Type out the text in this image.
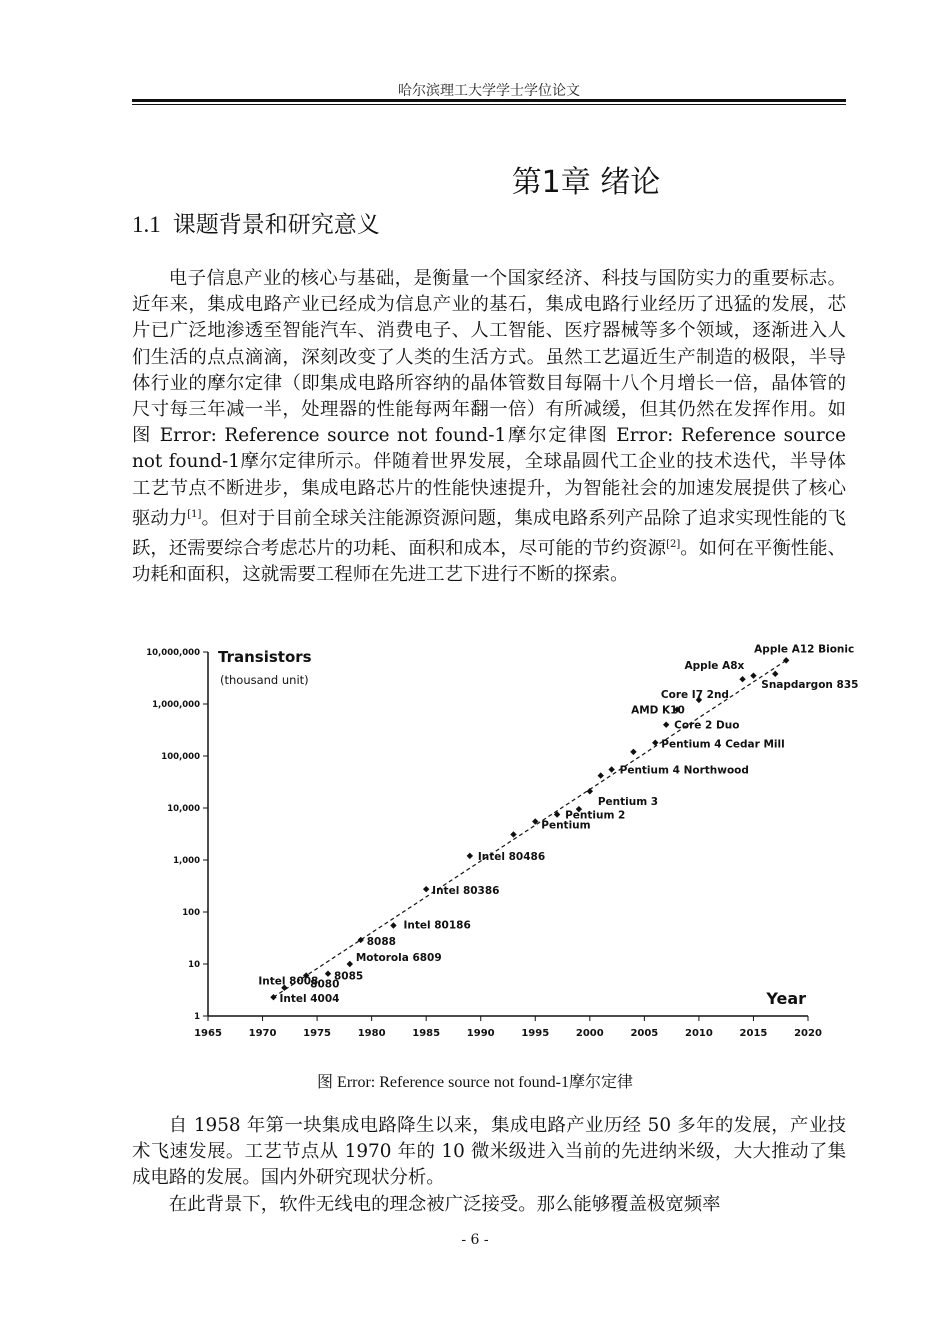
哈尔滨理工大学学士学位论文
第1章 绪论
1.1 课题背景和研究意义

电子信息产业的核心与基础，是衡量一个国家经济、科技与国防实力的重要标志。近年来，集成电路产业已经成为信息产业的基石，集成电路行业经历了迅猛的发展，芯片已广泛地渗透至智能汽车、消费电子、人工智能、医疗器械等多个领域，逐渐进入人们生活的点点滴滴，深刻改变了人类的生活方式。虽然工艺逼近生产制造的极限，半导体行业的摩尔定律（即集成电路所容纳的晶体管数目每隔十八个月增长一倍，晶体管的尺寸每三年减一半，处理器的性能每两年翻一倍）有所减缓，但其仍然在发挥作用。如图 Error: Reference source not found-1摩尔定律图 Error: Reference source not found-1摩尔定律所示。伴随着世界发展，全球晶圆代工企业的技术迭代，半导体工艺节点不断进步，集成电路芯片的性能快速提升，为智能社会的加速发展提供了核心驱动力[1]。但对于目前全球关注能源资源问题，集成电路系列产品除了追求实现性能的飞跃，还需要综合考虑芯片的功耗、面积和成本，尽可能的节约资源[2]。如何在平衡性能、功耗和面积，这就需要工程师在先进工艺下进行不断的探索。

1965	1970	1975	1980	1985	1990	1995	2000	2005	2010	2015	2020
1
10
100
1,000
10,000
100,000
1,000,000
10,000,000 Transistors
(thousand unit)
Year
Intel 4004
Intel 8008
8080
8085
Motorola 6809
8088
Intel 80186
Intel 80386
Intel 80486
Pentium
Pentium 2
Pentium 3
Pentium 4 Northwood
Pentium 4 Cedar Mill
Core 2 Duo
AMD K10
Core I7 2nd
Apple A8x
Snapdargon 835
Apple A12 Bionic
图 Error: Reference source not found-1摩尔定律

自 1958 年第一块集成电路降生以来，集成电路产业历经 50 多年的发展，产业技术飞速发展。工艺节点从 1970 年的 10 微米级进入当前的先进纳米级，大大推动了集成电路的发展。国内外研究现状分析。

在此背景下，软件无线电的理念被广泛接受。那么能够覆盖极宽频率

- 6 -
